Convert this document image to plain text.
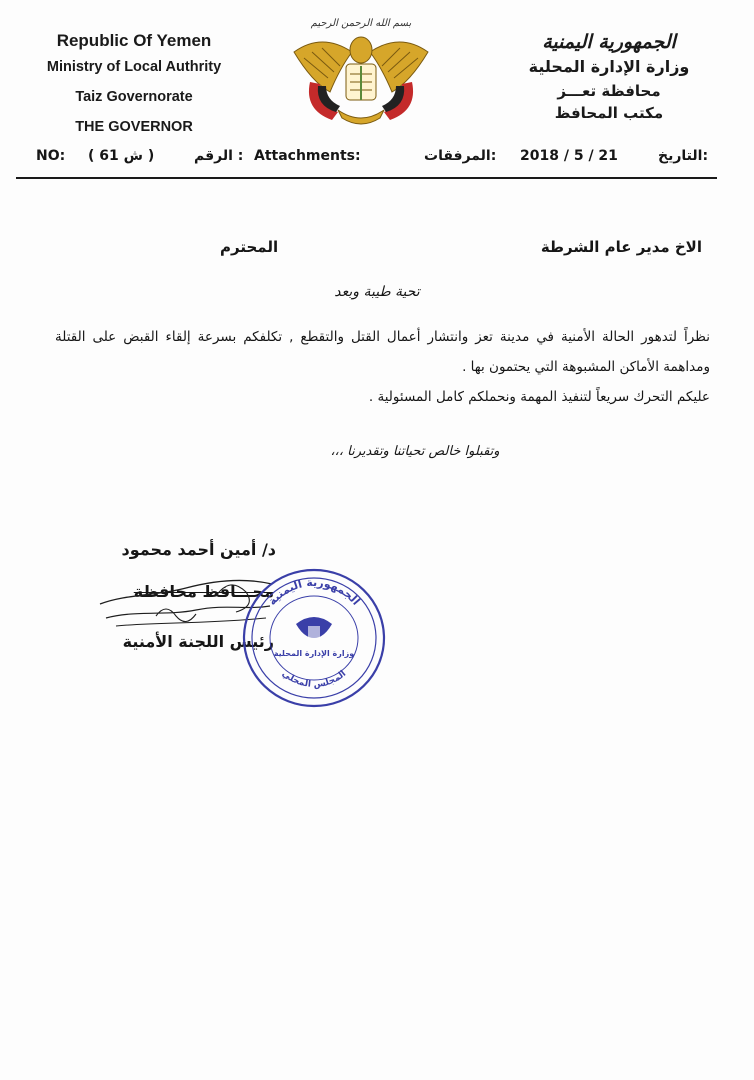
Republic Of Yemen
Ministry of Local Authrity
Taiz Governorate
THE GOVERNOR
بسم الله الرحمن الرحيم
الجمهورية اليمنية
وزارة الإدارة المحلية
محافظة تعـــز
مكتب المحافظ
NO: ( ش 61 )	الرقم : Attachments:	المرفقات: 2018 / 5 / 21	التاريخ:
الاخ مدير عام الشرطة
المحترم
تحية طيبة وبعد
نظراً لتدهور الحالة الأمنية في مدينة تعز وانتشار أعمال القتل والتقطع , تكلفكم بسرعة إلقاء القبض على القتلة ومداهمة الأماكن المشبوهة التي يحتمون بها .
عليكم التحرك سريعاً لتنفيذ المهمة ونحملكم كامل المسئولية .
وتقبلوا خالص تحياتنا وتقديرنا ،،،
د/ أمين أحمد محمود
محـــافظ محافظة
رئيس اللجنة الأمنية
الجمهورية اليمنية
المجلس المحلي
وزارة الإدارة المحلية
